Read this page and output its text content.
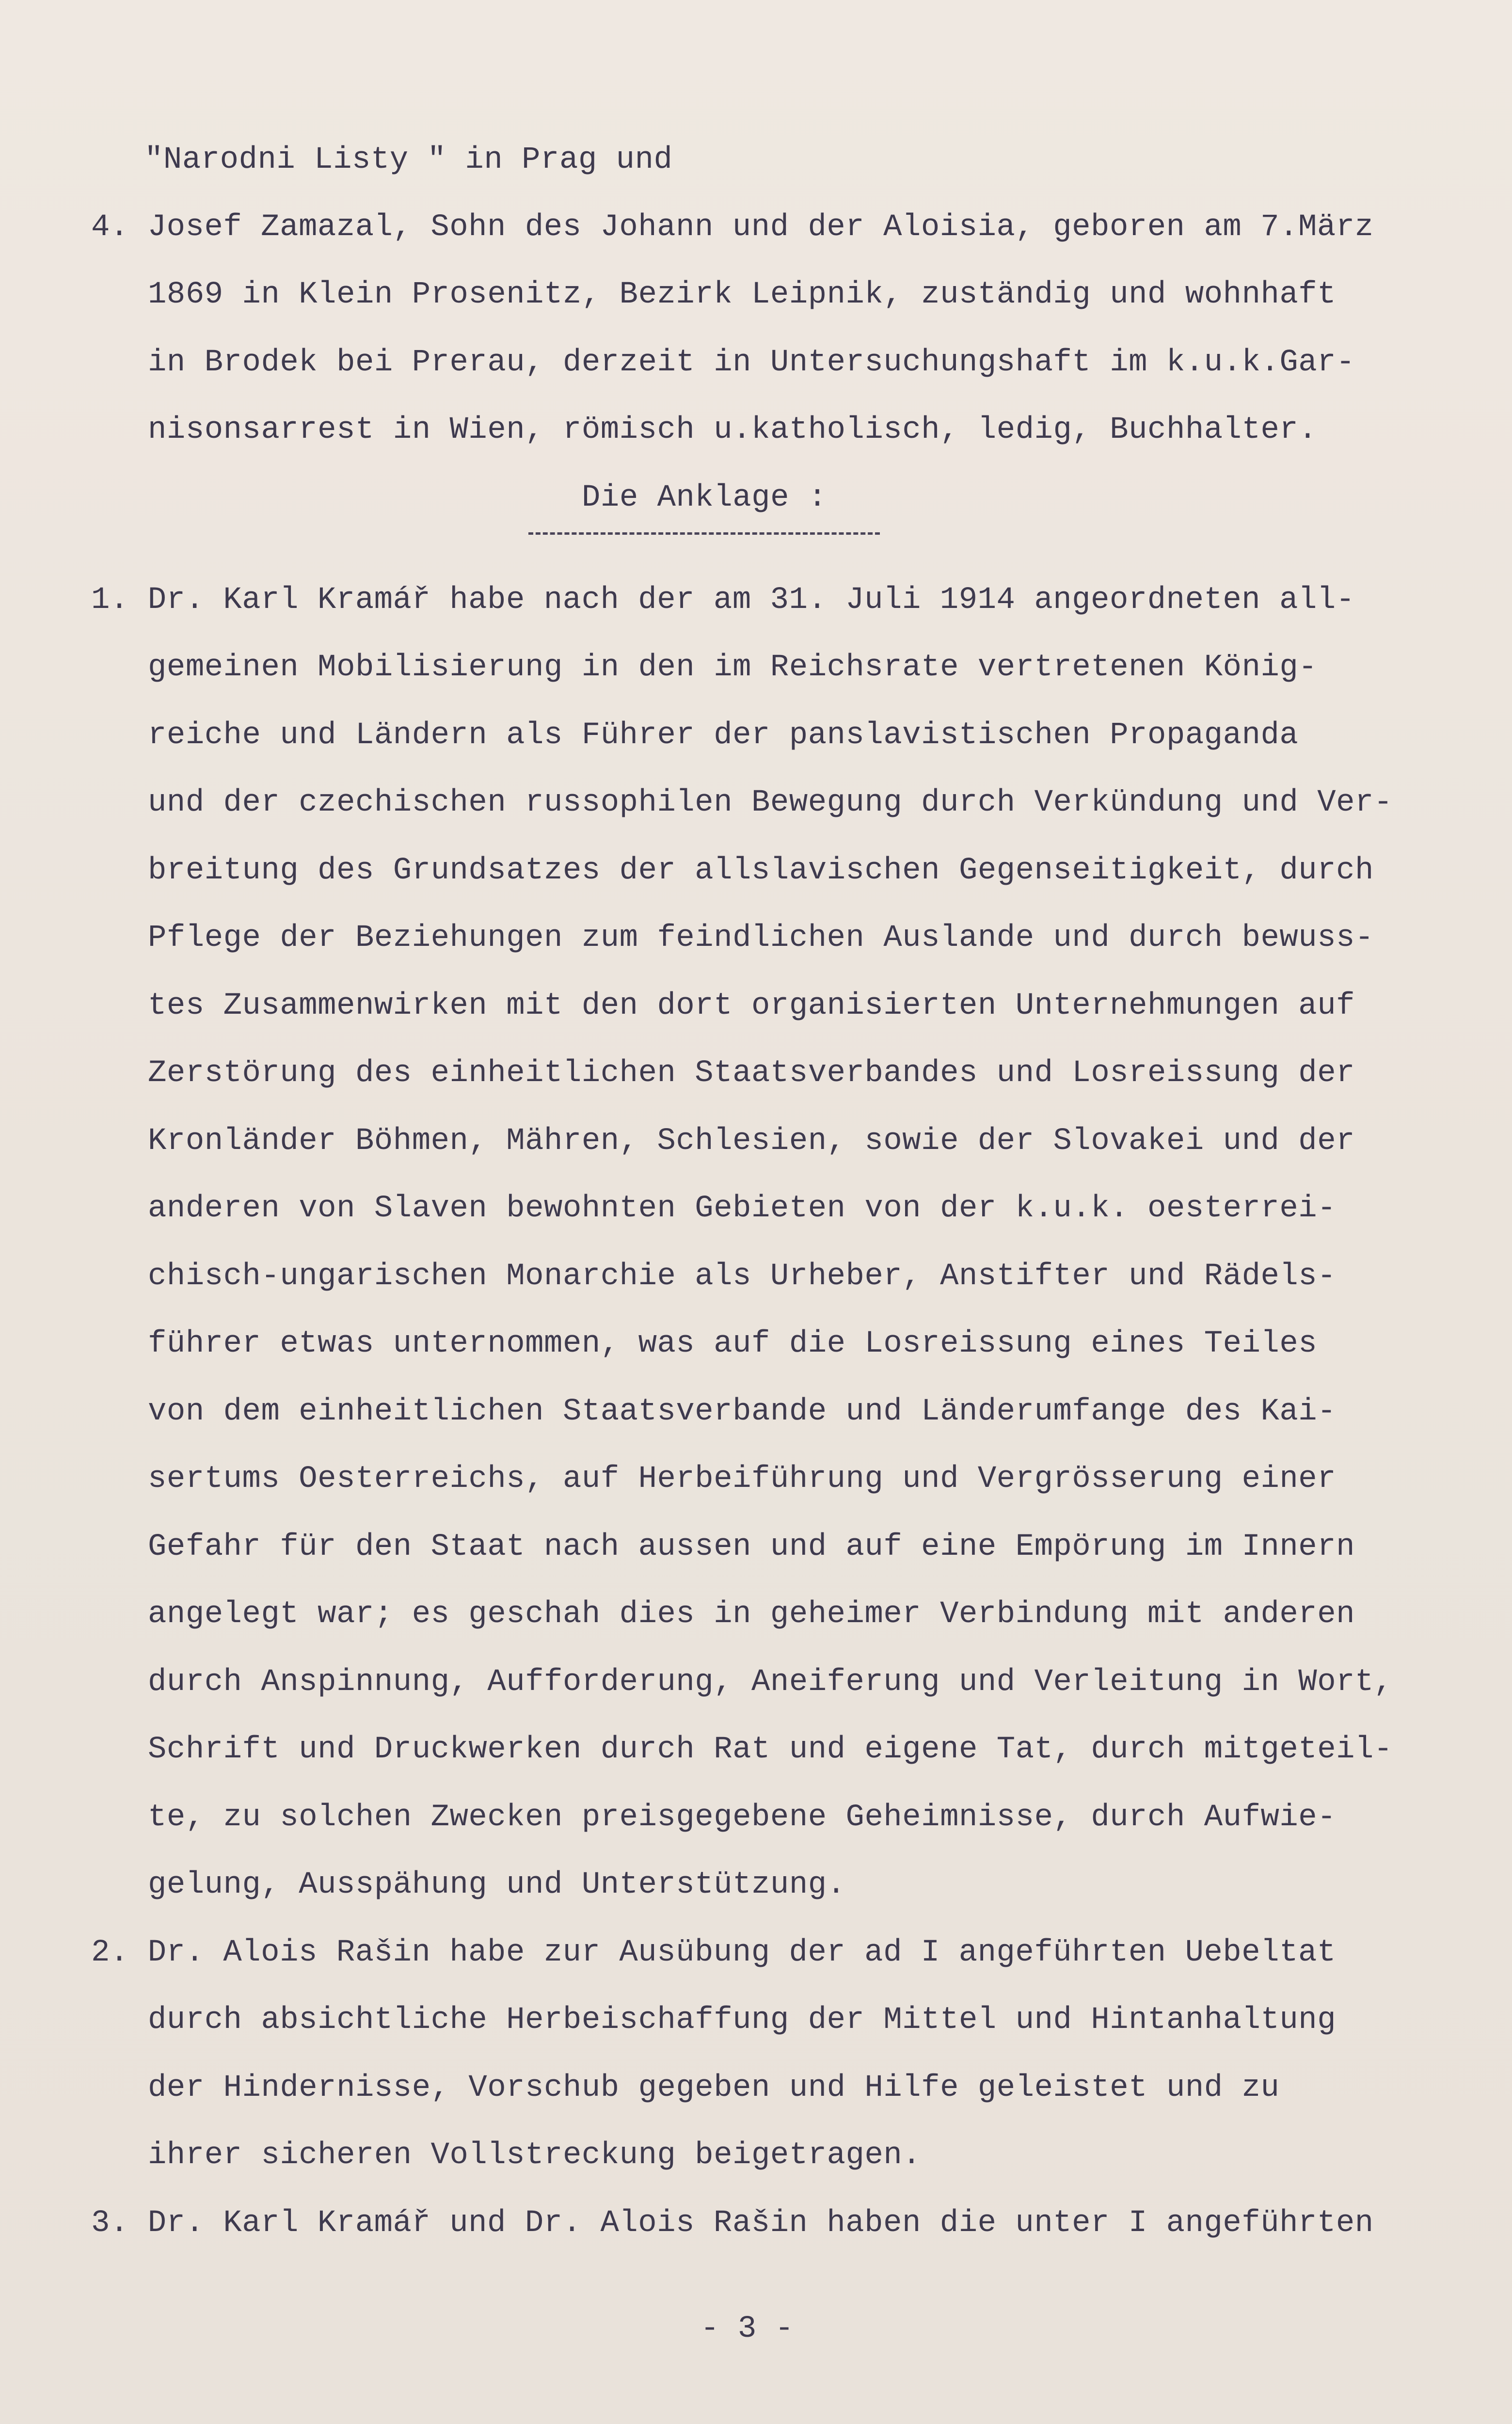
"Narodni Listy " in Prag und
4. Josef Zamazal, Sohn des Johann und der Aloisia, geboren am 7.März
1869 in Klein Prosenitz, Bezirk Leipnik, zuständig und wohnhaft
in Brodek bei Prerau, derzeit in Untersuchungshaft im k.u.k.Gar-
nisonsarrest in Wien, römisch u.katholisch, ledig, Buchhalter.
Die Anklage :
1. Dr. Karl Kramář habe nach der am 31. Juli 1914 angeordneten all-
gemeinen Mobilisierung in den im Reichsrate vertretenen König-
reiche und Ländern als Führer der panslavistischen Propaganda
und der czechischen russophilen Bewegung durch Verkündung und Ver-
breitung des Grundsatzes der allslavischen Gegenseitigkeit, durch
Pflege der Beziehungen zum feindlichen Auslande und durch bewuss-
tes Zusammenwirken mit den dort organisierten Unternehmungen auf
Zerstörung des einheitlichen Staatsverbandes und Losreissung der
Kronländer Böhmen, Mähren, Schlesien, sowie der Slovakei und der
anderen von Slaven bewohnten Gebieten von der k.u.k. oesterrei-
chisch-ungarischen Monarchie als Urheber, Anstifter und Rädels-
führer etwas unternommen, was auf die Losreissung eines Teiles
von dem einheitlichen Staatsverbande und Länderumfange des Kai-
sertums Oesterreichs, auf Herbeiführung und Vergrösserung einer
Gefahr für den Staat nach aussen und auf eine Empörung im Innern
angelegt war; es geschah dies in geheimer Verbindung mit anderen
durch Anspinnung, Aufforderung, Aneiferung und Verleitung in Wort,
Schrift und Druckwerken durch Rat und eigene Tat, durch mitgeteil-
te, zu solchen Zwecken preisgegebene Geheimnisse, durch Aufwie-
gelung, Ausspähung und Unterstützung.
2. Dr. Alois Rašin habe zur Ausübung der ad I angeführten Uebeltat
durch absichtliche Herbeischaffung der Mittel und Hintanhaltung
der Hindernisse, Vorschub gegeben und Hilfe geleistet und zu
ihrer sicheren Vollstreckung beigetragen.
3. Dr. Karl Kramář und Dr. Alois Rašin haben die unter I angeführten
- 3 -
